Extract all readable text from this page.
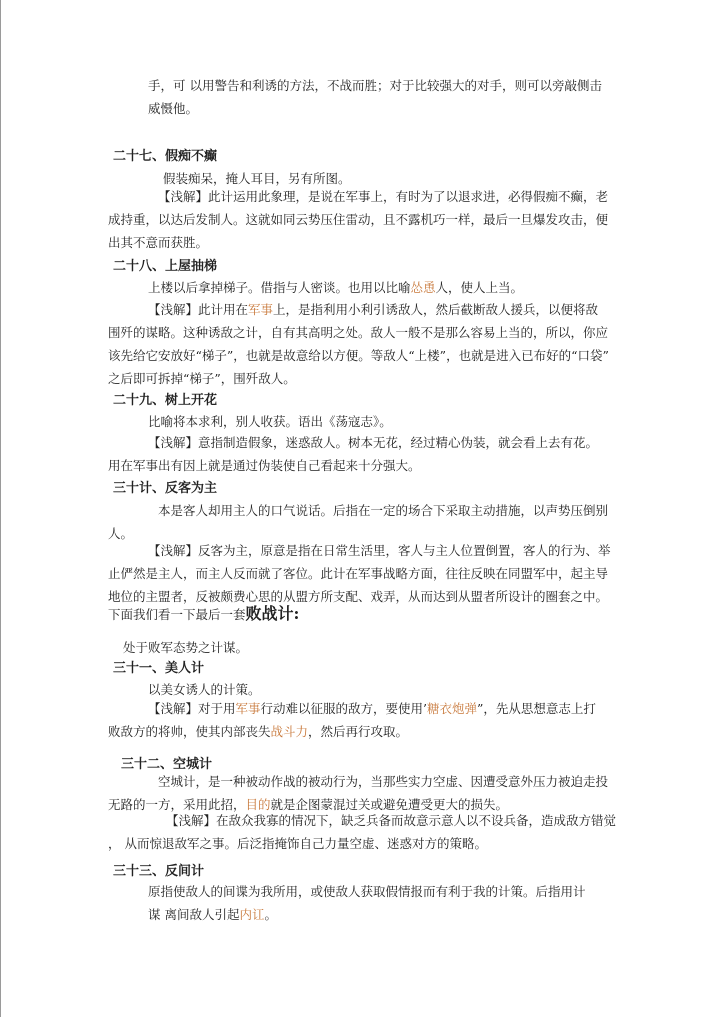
手，可 以用警告和利诱的方法，不战而胜；对于比较强大的对手，则可以旁敲侧击
威慑他。
二十七、假痴不癫
假装痴呆，掩人耳目，另有所图。
【浅解】此计运用此象理，是说在军事上，有时为了以退求进，必得假痴不癫，老
成持重，以达后发制人。这就如同云势压住雷动，且不露机巧一样，最后一旦爆发攻击，便
出其不意而获胜。
二十八、上屋抽梯
上楼以后拿掉梯子。借指与人密谈。也用以比喻怂恿人，使人上当。
【浅解】此计用在军事上，是指利用小利引诱敌人，然后截断敌人援兵，以便将敌
围歼的谋略。这种诱敌之计，自有其高明之处。敌人一般不是那么容易上当的，所以，你应
该先给它安放好“梯子”，也就是故意给以方便。等敌人“上楼”，也就是进入已布好的“口袋”
之后即可拆掉“梯子”，围歼敌人。
二十九、树上开花
比喻将本求利，别人收获。语出《荡寇志》。
【浅解】意指制造假象，迷惑敌人。树本无花，经过精心伪装，就会看上去有花。
用在军事出有因上就是通过伪装使自己看起来十分强大。
三十计、反客为主
本是客人却用主人的口气说话。后指在一定的场合下采取主动措施，以声势压倒别
人。
【浅解】反客为主，原意是指在日常生活里，客人与主人位置倒置，客人的行为、举
止俨然是主人，而主人反而就了客位。此计在军事战略方面，往往反映在同盟军中，起主导
地位的主盟者，反被颇费心思的从盟方所支配、戏弄，从而达到从盟者所设计的圈套之中。
下面我们看一下最后一套败战计:
处于败军态势之计谋。
三十一、美人计
以美女诱人的计策。
【浅解】对于用军事行动难以征服的敌方，要使用’糖衣炮弹”，先从思想意志上打
败敌方的将帅，使其内部丧失战斗力，然后再行攻取。
三十二、空城计
空城计，是一种被动作战的被动行为，当那些实力空虚、因遭受意外压力被迫走投
无路的一方，采用此招，目的就是企图蒙混过关或避免遭受更大的损失。
【浅解】在敌众我寡的情况下，缺乏兵备而故意示意人以不设兵备，造成敌方错觉
， 从而惊退敌军之事。后泛指掩饰自己力量空虚、迷惑对方的策略。
三十三、反间计
原指使敌人的间谍为我所用，或使敌人获取假情报而有利于我的计策。后指用计
谋 离间敌人引起内讧。
